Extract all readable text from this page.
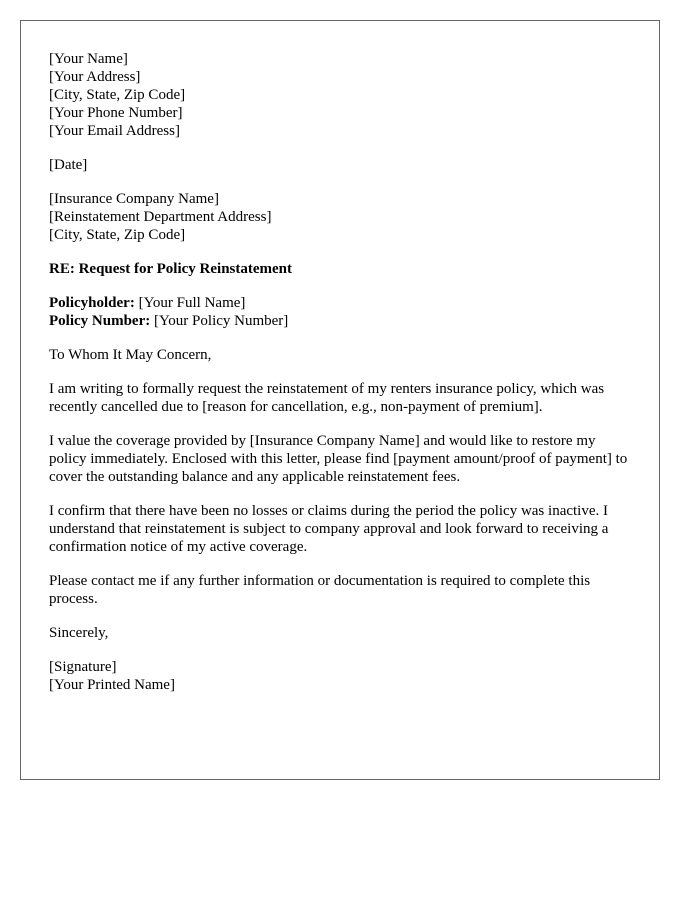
[Your Name]
[Your Address]
[City, State, Zip Code]
[Your Phone Number]
[Your Email Address]
[Date]
[Insurance Company Name]
[Reinstatement Department Address]
[City, State, Zip Code]
RE: Request for Policy Reinstatement
Policyholder: [Your Full Name]
Policy Number: [Your Policy Number]

To Whom It May Concern,

I am writing to formally request the reinstatement of my renters insurance policy, which was recently cancelled due to [reason for cancellation, e.g., non-payment of premium].

I value the coverage provided by [Insurance Company Name] and would like to restore my policy immediately. Enclosed with this letter, please find [payment amount/proof of payment] to cover the outstanding balance and any applicable reinstatement fees.

I confirm that there have been no losses or claims during the period the policy was inactive. I understand that reinstatement is subject to company approval and look forward to receiving a confirmation notice of my active coverage.

Please contact me if any further information or documentation is required to complete this process.

Sincerely,

[Signature]
[Your Printed Name]
